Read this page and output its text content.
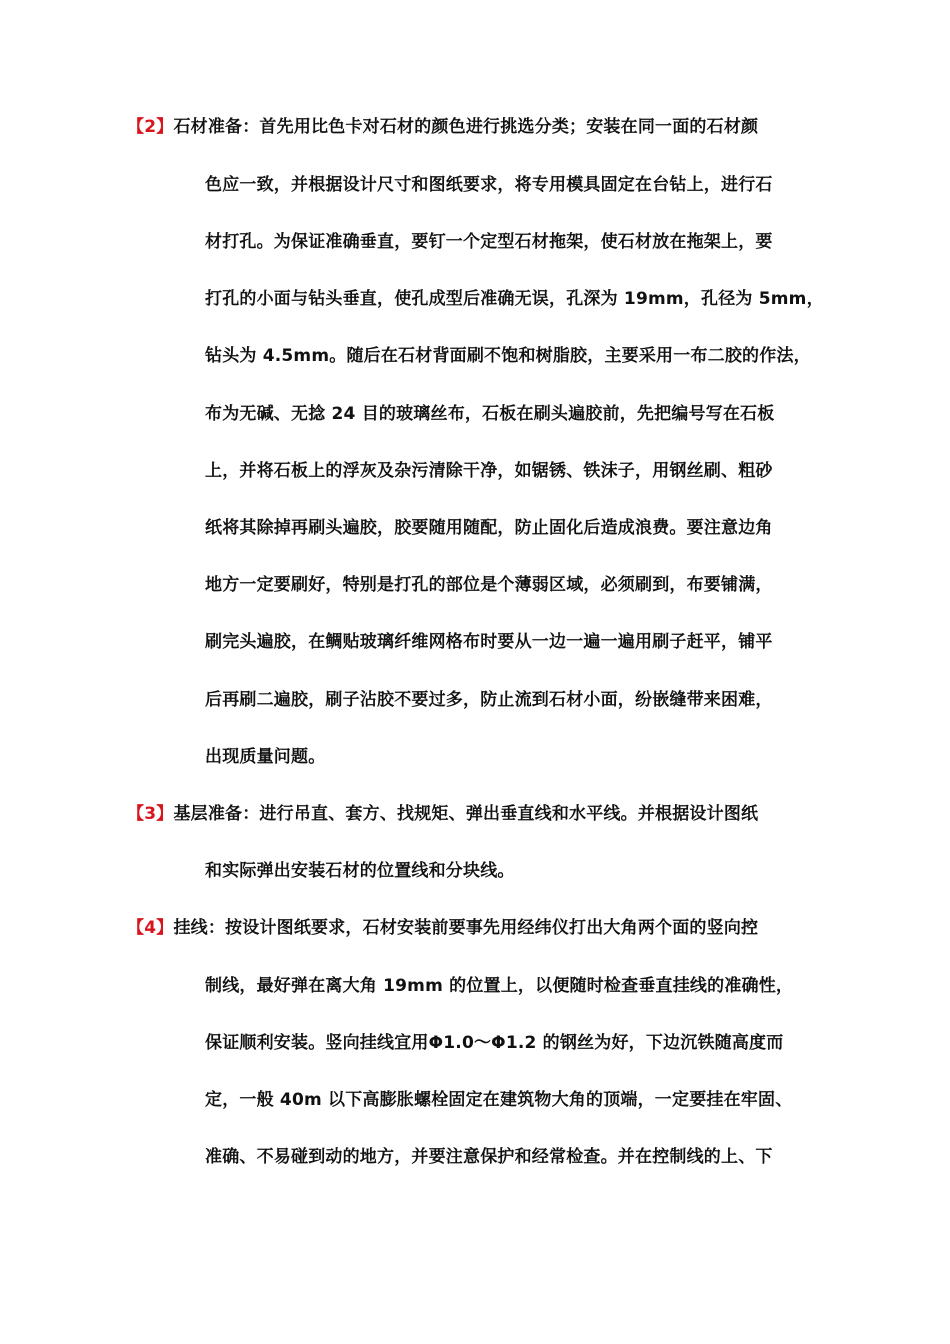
【2】石材准备：首先用比色卡对石材的颜色进行挑选分类；安装在同一面的石材颜
色应一致，并根据设计尺寸和图纸要求，将专用模具固定在台钻上，进行石
材打孔。为保证准确垂直，要钉一个定型石材拖架，使石材放在拖架上，要
打孔的小面与钻头垂直，使孔成型后准确无误，孔深为 19mm，孔径为 5mm，
钻头为 4.5mm。随后在石材背面刷不饱和树脂胶，主要采用一布二胶的作法，
布为无碱、无捻 24 目的玻璃丝布，石板在刷头遍胶前，先把编号写在石板
上，并将石板上的浮灰及杂污清除干净，如锯锈、铁沫子，用钢丝刷、粗砂
纸将其除掉再刷头遍胶，胶要随用随配，防止固化后造成浪费。要注意边角
地方一定要刷好，特别是打孔的部位是个薄弱区域，必须刷到，布要铺满，
刷完头遍胶，在鲷贴玻璃纤维网格布时要从一边一遍一遍用刷子赶平，铺平
后再刷二遍胶，刷子沾胶不要过多，防止流到石材小面，纷嵌缝带来困难，
出现质量问题。
【3】基层准备：进行吊直、套方、找规矩、弹出垂直线和水平线。并根据设计图纸
和实际弹出安装石材的位置线和分块线。
【4】挂线：按设计图纸要求，石材安装前要事先用经纬仪打出大角两个面的竖向控
制线，最好弹在离大角 19mm 的位置上，以便随时检查垂直挂线的准确性，
保证顺利安装。竖向挂线宜用Φ1.0～Φ1.2 的钢丝为好，下边沉铁随高度而
定，一般 40m 以下高膨胀螺栓固定在建筑物大角的顶端，一定要挂在牢固、
准确、不易碰到动的地方，并要注意保护和经常检查。并在控制线的上、下
